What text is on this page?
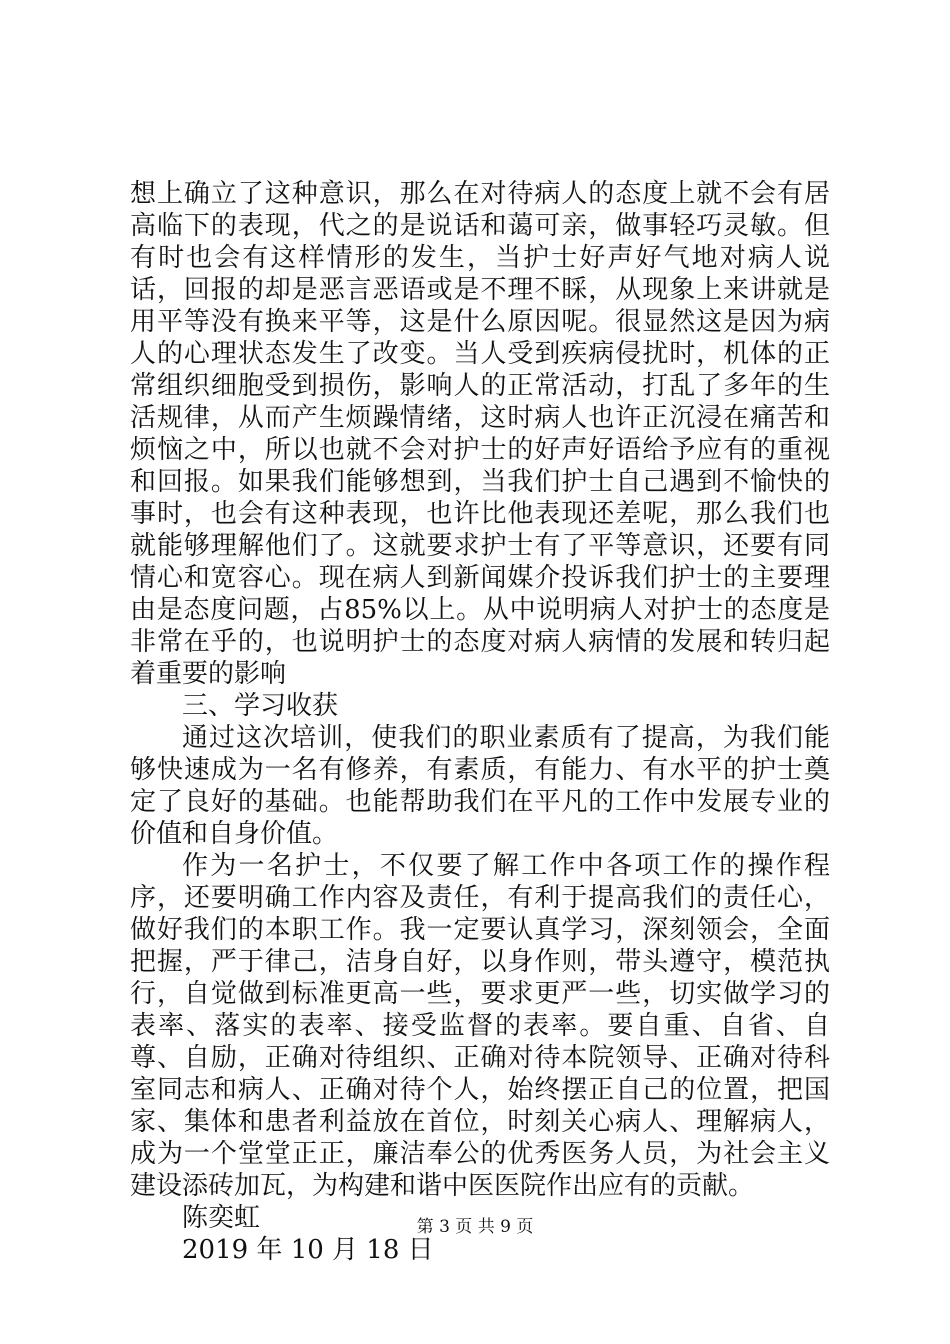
想上确立了这种意识，那么在对待病人的态度上就不会有居高临下的表现，代之的是说话和蔼可亲，做事轻巧灵敏。但有时也会有这样情形的发生，当护士好声好气地对病人说话，回报的却是恶言恶语或是不理不睬，从现象上来讲就是用平等没有换来平等，这是什么原因呢。很显然这是因为病人的心理状态发生了改变。当人受到疾病侵扰时，机体的正常组织细胞受到损伤，影响人的正常活动，打乱了多年的生活规律，从而产生烦躁情绪，这时病人也许正沉浸在痛苦和烦恼之中，所以也就不会对护士的好声好语给予应有的重视和回报。如果我们能够想到，当我们护士自己遇到不愉快的事时，也会有这种表现，也许比他表现还差呢，那么我们也就能够理解他们了。这就要求护士有了平等意识，还要有同情心和宽容心。现在病人到新闻媒介投诉我们护士的主要理由是态度问题，占85%以上。从中说明病人对护士的态度是非常在乎的，也说明护士的态度对病人病情的发展和转归起着重要的影响

三、学习收获

通过这次培训，使我们的职业素质有了提高，为我们能够快速成为一名有修养，有素质，有能力、有水平的护士奠定了良好的基础。也能帮助我们在平凡的工作中发展专业的价值和自身价值。

作为一名护士，不仅要了解工作中各项工作的操作程序，还要明确工作内容及责任，有利于提高我们的责任心，做好我们的本职工作。我一定要认真学习，深刻领会，全面把握，严于律己，洁身自好，以身作则，带头遵守，模范执行，自觉做到标准更高一些，要求更严一些，切实做学习的表率、落实的表率、接受监督的表率。要自重、自省、自尊、自励，正确对待组织、正确对待本院领导、正确对待科室同志和病人、正确对待个人，始终摆正自己的位置，把国家、集体和患者利益放在首位，时刻关心病人、理解病人，成为一个堂堂正正，廉洁奉公的优秀医务人员，为社会主义建设添砖加瓦，为构建和谐中医医院作出应有的贡献。

陈奕虹

2019 年 10 月 18 日

第 3 页 共 9 页
